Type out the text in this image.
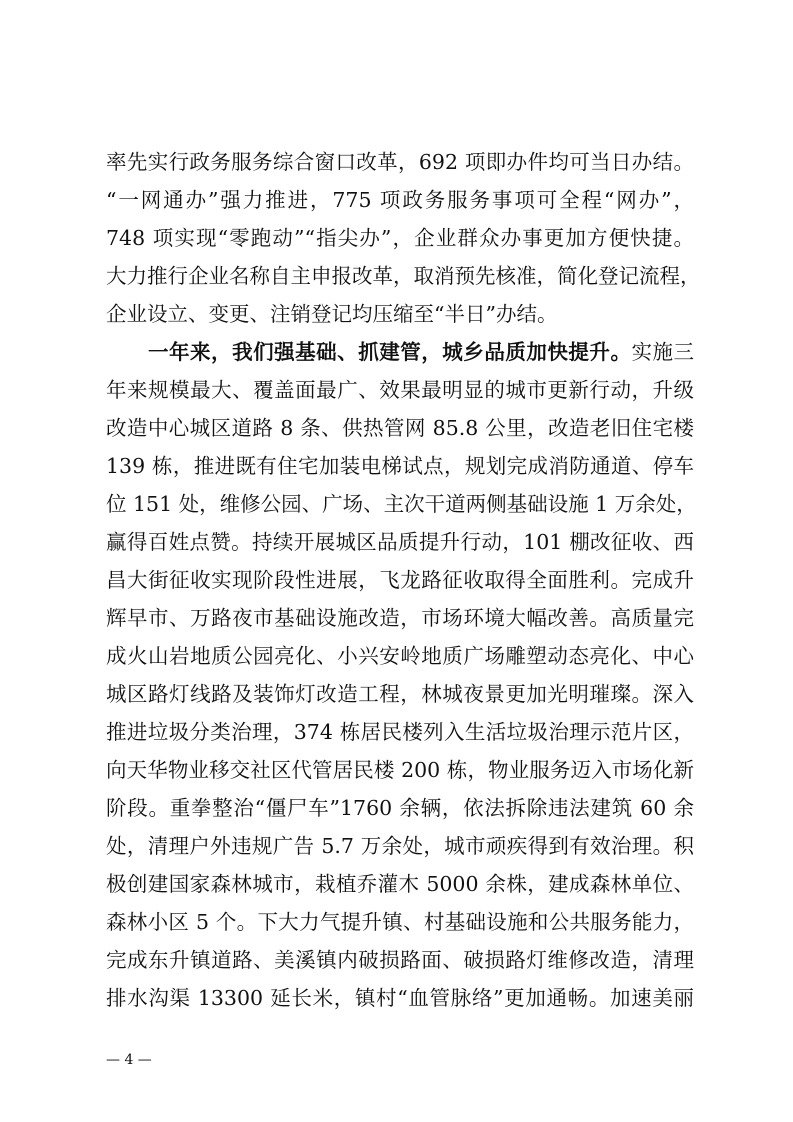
率先实行政务服务综合窗口改革，692 项即办件均可当日办结。
“一网通办”强力推进，775 项政务服务事项可全程“网办”，
748 项实现“零跑动”“指尖办”，企业群众办事更加方便快捷。
大力推行企业名称自主申报改革，取消预先核准，简化登记流程，
企业设立、变更、注销登记均压缩至“半日”办结。
一年来，我们强基础、抓建管，城乡品质加快提升。实施三
年来规模最大、覆盖面最广、效果最明显的城市更新行动，升级
改造中心城区道路 8 条、供热管网 85.8 公里，改造老旧住宅楼
139 栋，推进既有住宅加装电梯试点，规划完成消防通道、停车
位 151 处，维修公园、广场、主次干道两侧基础设施 1 万余处，
赢得百姓点赞。持续开展城区品质提升行动，101 棚改征收、西
昌大街征收实现阶段性进展，飞龙路征收取得全面胜利。完成升
辉早市、万路夜市基础设施改造，市场环境大幅改善。高质量完
成火山岩地质公园亮化、小兴安岭地质广场雕塑动态亮化、中心
城区路灯线路及装饰灯改造工程，林城夜景更加光明璀璨。深入
推进垃圾分类治理，374 栋居民楼列入生活垃圾治理示范片区，
向天华物业移交社区代管居民楼 200 栋，物业服务迈入市场化新
阶段。重拳整治“僵尸车”1760 余辆，依法拆除违法建筑 60 余
处，清理户外违规广告 5.7 万余处，城市顽疾得到有效治理。积
极创建国家森林城市，栽植乔灌木 5000 余株，建成森林单位、
森林小区 5 个。下大力气提升镇、村基础设施和公共服务能力，
完成东升镇道路、美溪镇内破损路面、破损路灯维修改造，清理
排水沟渠 13300 延长米，镇村“血管脉络”更加通畅。加速美丽
— 4 —
